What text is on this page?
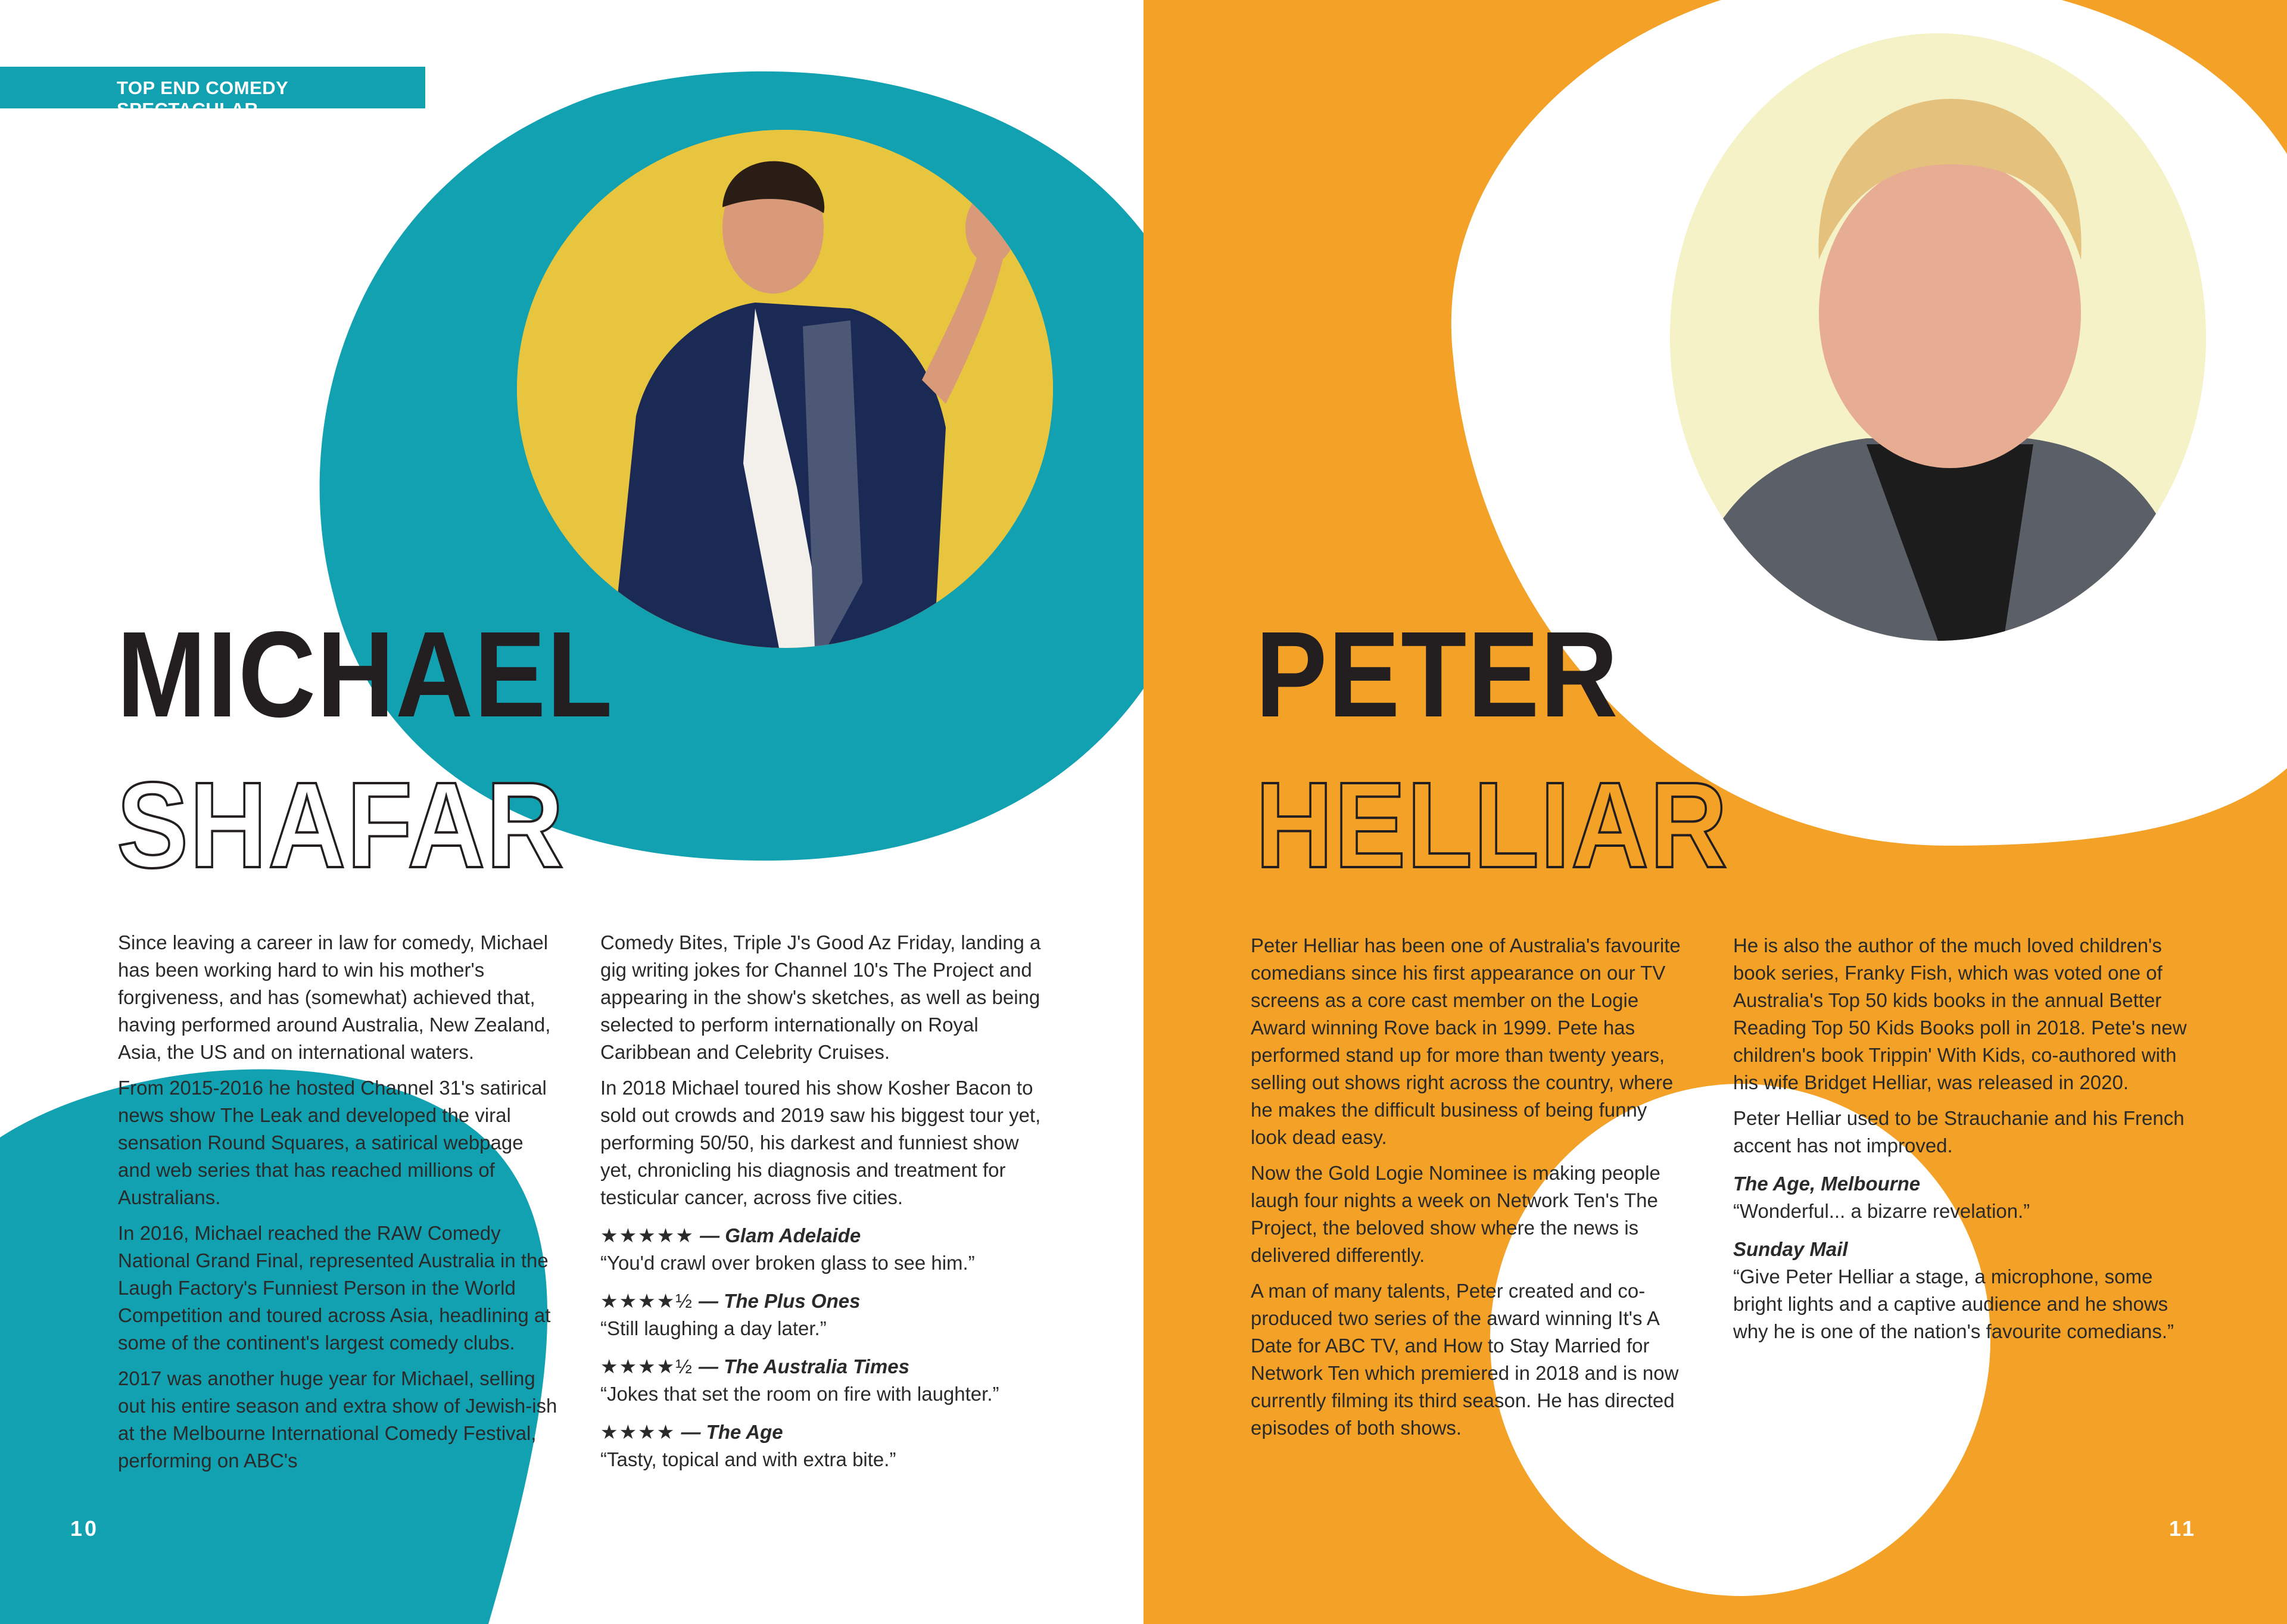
TOP END COMEDY SPECTACULAR
MICHAEL
SHAFAR

Since leaving a career in law for comedy, Michael has been working hard to win his mother's forgiveness, and has (somewhat) achieved that, having performed around Australia, New Zealand, Asia, the US and on international waters.

From 2015-2016 he hosted Channel 31's satirical news show The Leak and developed the viral sensation Round Squares, a satirical webpage and web series that has reached millions of Australians.

In 2016, Michael reached the RAW Comedy National Grand Final, represented Australia in the Laugh Factory's Funniest Person in the World Competition and toured across Asia, headlining at some of the continent's largest comedy clubs.

2017 was another huge year for Michael, selling out his entire season and extra show of Jewish-ish at the Melbourne International Comedy Festival, performing on ABC's

Comedy Bites, Triple J's Good Az Friday, landing a gig writing jokes for Channel 10's The Project and appearing in the show's sketches, as well as being selected to perform internationally on Royal Caribbean and Celebrity Cruises.

In 2018 Michael toured his show Kosher Bacon to sold out crowds and 2019 saw his biggest tour yet, performing 50/50, his darkest and funniest show yet, chronicling his diagnosis and treatment for testicular cancer, across five cities.

★★★★★ — Glam Adelaide
“You'd crawl over broken glass to see him.”
★★★★½ — The Plus Ones
“Still laughing a day later.”
★★★★½ — The Australia Times
“Jokes that set the room on fire with laughter.”
★★★★ — The Age
“Tasty, topical and with extra bite.”
10
PETER
HELLIAR

Peter Helliar has been one of Australia's favourite comedians since his first appearance on our TV screens as a core cast member on the Logie Award winning Rove back in 1999. Pete has performed stand up for more than twenty years, selling out shows right across the country, where he makes the difficult business of being funny look dead easy.

Now the Gold Logie Nominee is making people laugh four nights a week on Network Ten's The Project, the beloved show where the news is delivered differently.

A man of many talents, Peter created and co-produced two series of the award winning It's A Date for ABC TV, and How to Stay Married for Network Ten which premiered in 2018 and is now currently filming its third season. He has directed episodes of both shows.

He is also the author of the much loved children's book series, Franky Fish, which was voted one of Australia's Top 50 kids books in the annual Better Reading Top 50 Kids Books poll in 2018. Pete's new children's book Trippin' With Kids, co-authored with his wife Bridget Helliar, was released in 2020.

Peter Helliar used to be Strauchanie and his French accent has not improved.

The Age, Melbourne
“Wonderful... a bizarre revelation.”
Sunday Mail
“Give Peter Helliar a stage, a microphone, some bright lights and a captive audience and he shows why he is one of the nation's favourite comedians.”
11
